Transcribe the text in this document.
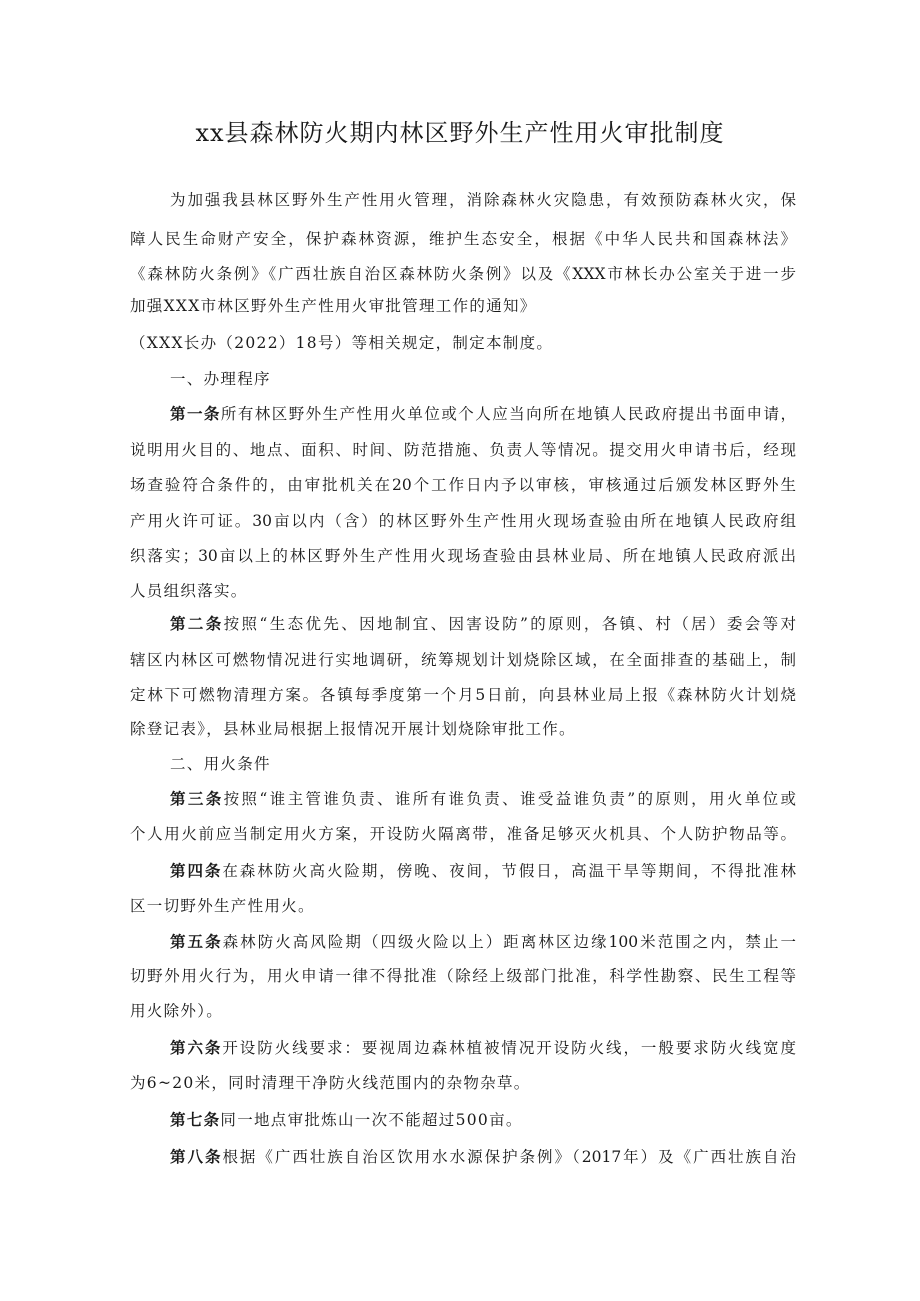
xx县森林防火期内林区野外生产性用火审批制度
为加强我县林区野外生产性用火管理，消除森林火灾隐患，有效预防森林火灾，保
障人民生命财产安全，保护森林资源，维护生态安全，根据《中华人民共和国森林法》
《森林防火条例》《广西壮族自治区森林防火条例》以及《XXX市林长办公室关于进一步
加强XXX市林区野外生产性用火审批管理工作的通知》
（XXX长办（2022）18号）等相关规定，制定本制度。
一、办理程序
第一条所有林区野外生产性用火单位或个人应当向所在地镇人民政府提出书面申请，
说明用火目的、地点、面积、时间、防范措施、负责人等情况。提交用火申请书后，经现
场查验符合条件的，由审批机关在20个工作日内予以审核，审核通过后颁发林区野外生
产用火许可证。30亩以内（含）的林区野外生产性用火现场查验由所在地镇人民政府组
织落实；30亩以上的林区野外生产性用火现场查验由县林业局、所在地镇人民政府派出
人员组织落实。
第二条按照“生态优先、因地制宜、因害设防”的原则，各镇、村（居）委会等对
辖区内林区可燃物情况进行实地调研，统筹规划计划烧除区域，在全面排查的基础上，制
定林下可燃物清理方案。各镇每季度第一个月5日前，向县林业局上报《森林防火计划烧
除登记表》，县林业局根据上报情况开展计划烧除审批工作。
二、用火条件
第三条按照“谁主管谁负责、谁所有谁负责、谁受益谁负责”的原则，用火单位或
个人用火前应当制定用火方案，开设防火隔离带，准备足够灭火机具、个人防护物品等。
第四条在森林防火高火险期，傍晚、夜间，节假日，高温干旱等期间，不得批准林
区一切野外生产性用火。
第五条森林防火高风险期（四级火险以上）距离林区边缘100米范围之内，禁止一
切野外用火行为，用火申请一律不得批准（除经上级部门批准，科学性勘察、民生工程等
用火除外）。
第六条开设防火线要求：要视周边森林植被情况开设防火线，一般要求防火线宽度
为6~20米，同时清理干净防火线范围内的杂物杂草。
第七条同一地点审批炼山一次不能超过500亩。
第八条根据《广西壮族自治区饮用水水源保护条例》（2017年）及《广西壮族自治
